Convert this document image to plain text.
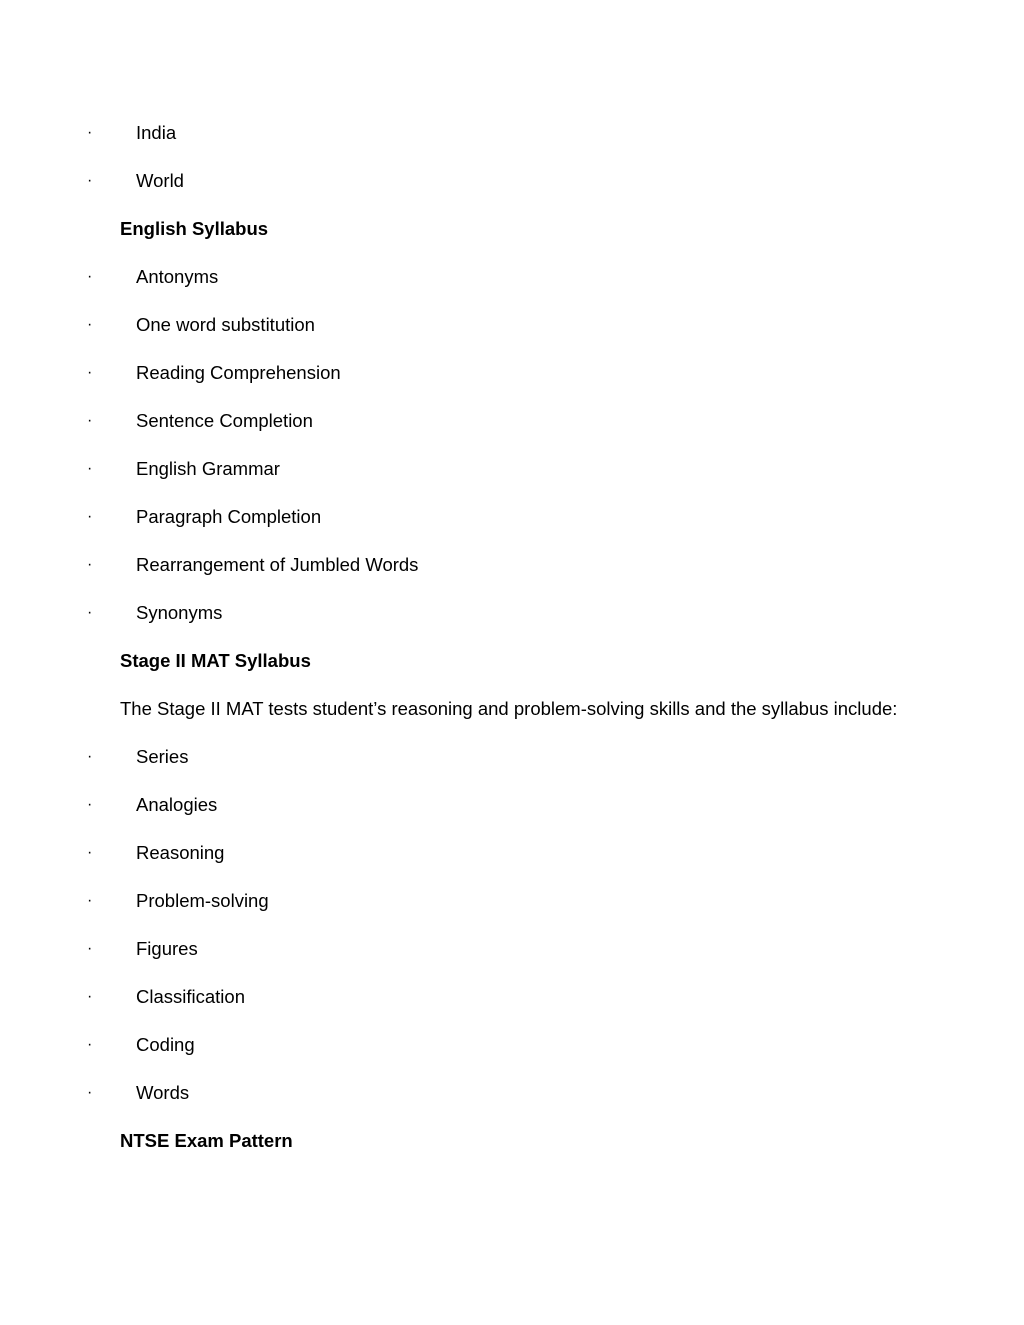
· India
· World
English Syllabus
· Antonyms
· One word substitution
· Reading Comprehension
· Sentence Completion
· English Grammar
· Paragraph Completion
· Rearrangement of Jumbled Words
· Synonyms
Stage II MAT Syllabus
The Stage II MAT tests student’s reasoning and problem-solving skills and the syllabus include:
· Series
· Analogies
· Reasoning
· Problem-solving
· Figures
· Classification
· Coding
· Words
NTSE Exam Pattern
